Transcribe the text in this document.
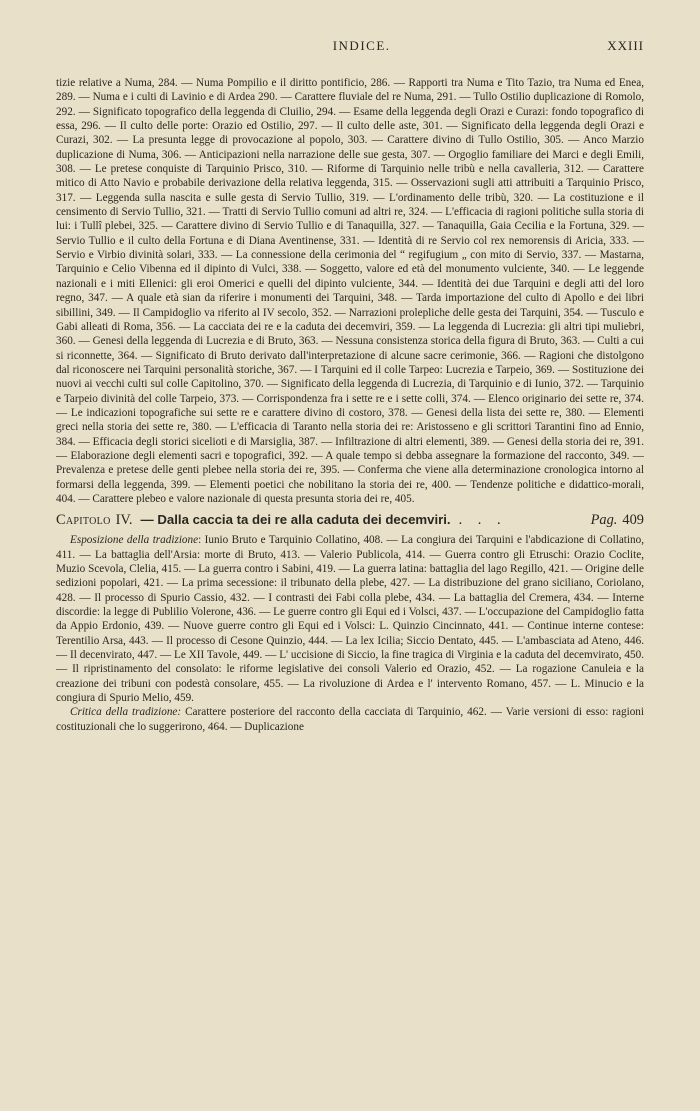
INDICE.	XXIII

tizie relative a Numa, 284. — Numa Pompilio e il diritto pontificio, 286. — Rapporti tra Numa e Tito Tazio, tra Numa ed Enea, 289. — Numa e i culti di Lavinio e di Ardea 290. — Carattere fluviale del re Numa, 291. — Tullo Ostilio duplicazione di Romolo, 292. — Significato topografico della leggenda di Cluilio, 294. — Esame della leggenda degli Orazi e Curazi: fondo topografico di essa, 296. — Il culto delle porte: Orazio ed Ostilio, 297. — Il culto delle aste, 301. — Significato della leggenda degli Orazi e Curazi, 302. — La presunta legge di provocazione al popolo, 303. — Carattere divino di Tullo Ostilio, 305. — Anco Marzio duplicazione di Numa, 306. — Anticipazioni nella narrazione delle sue gesta, 307. — Orgoglio familiare dei Marci e degli Emili, 308. — Le pretese conquiste di Tarquinio Prisco, 310. — Riforme di Tarquinio nelle tribù e nella cavalleria, 312. — Carattere mitico di Atto Navio e probabile derivazione della relativa leggenda, 315. — Osservazioni sugli atti attribuiti a Tarquinio Prisco, 317. — Leggenda sulla nascita e sulle gesta di Servio Tullio, 319. — L'ordinamento delle tribù, 320. — La costituzione e il censimento di Servio Tullio, 321. — Tratti di Servio Tullio comuni ad altri re, 324. — L'efficacia di ragioni politiche sulla storia di lui: i Tullî plebei, 325. — Carattere divino di Servio Tullio e di Tanaquilla, 327. — Tanaquilla, Gaia Cecilia e la Fortuna, 329. — Servio Tullio e il culto della Fortuna e di Diana Aventinense, 331. — Identità di re Servio col rex nemorensis di Aricia, 333. — Servio e Virbio divinità solari, 333. — La connessione della cerimonia del “ regifugium „ con mito di Servio, 337. — Mastarna, Tarquinio e Celio Vibenna ed il dipinto di Vulci, 338. — Soggetto, valore ed età del monumento vulciente, 340. — Le leggende nazionali e i miti Ellenici: gli eroi Omerici e quelli del dipinto vulciente, 344. — Identità dei due Tarquini e degli atti del loro regno, 347. — A quale età sian da riferire i monumenti dei Tarquini, 348. — Tarda importazione del culto di Apollo e dei libri sibillini, 349. — Il Campidoglio va riferito al IV secolo, 352. — Narrazioni prolepliche delle gesta dei Tarquini, 354. — Tusculo e Gabi alleati di Roma, 356. — La cacciata dei re e la caduta dei decemviri, 359. — La leggenda di Lucrezia: gli altri tipi muliebri, 360. — Genesi della leggenda di Lucrezia e di Bruto, 363. — Nessuna consistenza storica della figura di Bruto, 363. — Culti a cui si riconnette, 364. — Significato di Bruto derivato dall'interpretazione di alcune sacre cerimonie, 366. — Ragioni che distolgono dal riconoscere nei Tarquini personalità storiche, 367. — I Tarquini ed il colle Tarpeo: Lucrezia e Tarpeio, 369. — Sostituzione dei nuovi ai vecchi culti sul colle Capitolino, 370. — Significato della leggenda di Lucrezia, di Tarquinio e di Iunio, 372. — Tarquinio e Tarpeio divinità del colle Tarpeio, 373. — Corrispondenza fra i sette re e i sette colli, 374. — Elenco originario dei sette re, 374. — Le indicazioni topografiche sui sette re e carattere divino di costoro, 378. — Genesi della lista dei sette re, 380. — Elementi greci nella storia dei sette re, 380. — L'efficacia di Taranto nella storia dei re: Aristosseno e gli scrittori Tarantini fino ad Ennio, 384. — Efficacia degli storici sicelioti e di Marsiglia, 387. — Infiltrazione di altri elementi, 389. — Genesi della storia dei re, 391. — Elaborazione degli elementi sacri e topografici, 392. — A quale tempo si debba assegnare la formazione del racconto, 349. — Prevalenza e pretese delle genti plebee nella storia dei re, 395. — Conferma che viene alla determinazione cronologica intorno al formarsi della leggenda, 399. — Elementi poetici che nobilitano la storia dei re, 400. — Tendenze politiche e didattico-morali, 404. — Carattere plebeo e valore nazionale di questa presunta storia dei re, 405.

Capitolo IV. — Dalla caccia ta dei re alla caduta dei decemviri. . . .	Pag. 409

Esposizione della tradizione: Iunio Bruto e Tarquinio Collatino, 408. — La congiura dei Tarquini e l'abdicazione di Collatino, 411. — La battaglia dell'Arsia: morte di Bruto, 413. — Valerio Publicola, 414. — Guerra contro gli Etruschi: Orazio Coclite, Muzio Scevola, Clelia, 415. — La guerra contro i Sabini, 419. — La guerra latina: battaglia del lago Regillo, 421. — Origine delle sedizioni popolari, 421. — La prima secessione: il tribunato della plebe, 427. — La distribuzione del grano siciliano, Coriolano, 428. — Il processo di Spurio Cassio, 432. — I contrasti dei Fabi colla plebe, 434. — La battaglia del Cremera, 434. — Interne discordie: la legge di Publilio Volerone, 436. — Le guerre contro gli Equi ed i Volsci, 437. — L'occupazione del Campidoglio fatta da Appio Erdonio, 439. — Nuove guerre contro gli Equi ed i Volsci: L. Quinzio Cincinnato, 441. — Continue interne contese: Terentilio Arsa, 443. — Il processo di Cesone Quinzio, 444. — La lex Icilia; Siccio Dentato, 445. — L'ambasciata ad Ateno, 446. — Il decenvirato, 447. — Le XII Tavole, 449. — L' uccisione di Siccio, la fine tragica di Virginia e la caduta del decemvirato, 450. — Il ripristinamento del consolato: le riforme legislative dei consoli Valerio ed Orazio, 452. — La rogazione Canuleia e la creazione dei tribuni con podestà consolare, 455. — La rivoluzione di Ardea e l' intervento Romano, 457. — L. Minucio e la congiura di Spurio Melio, 459.

Critica della tradizione: Carattere posteriore del racconto della cacciata di Tarquinio, 462. — Varie versioni di esso: ragioni costituzionali che lo suggerirono, 464. — Duplicazione
